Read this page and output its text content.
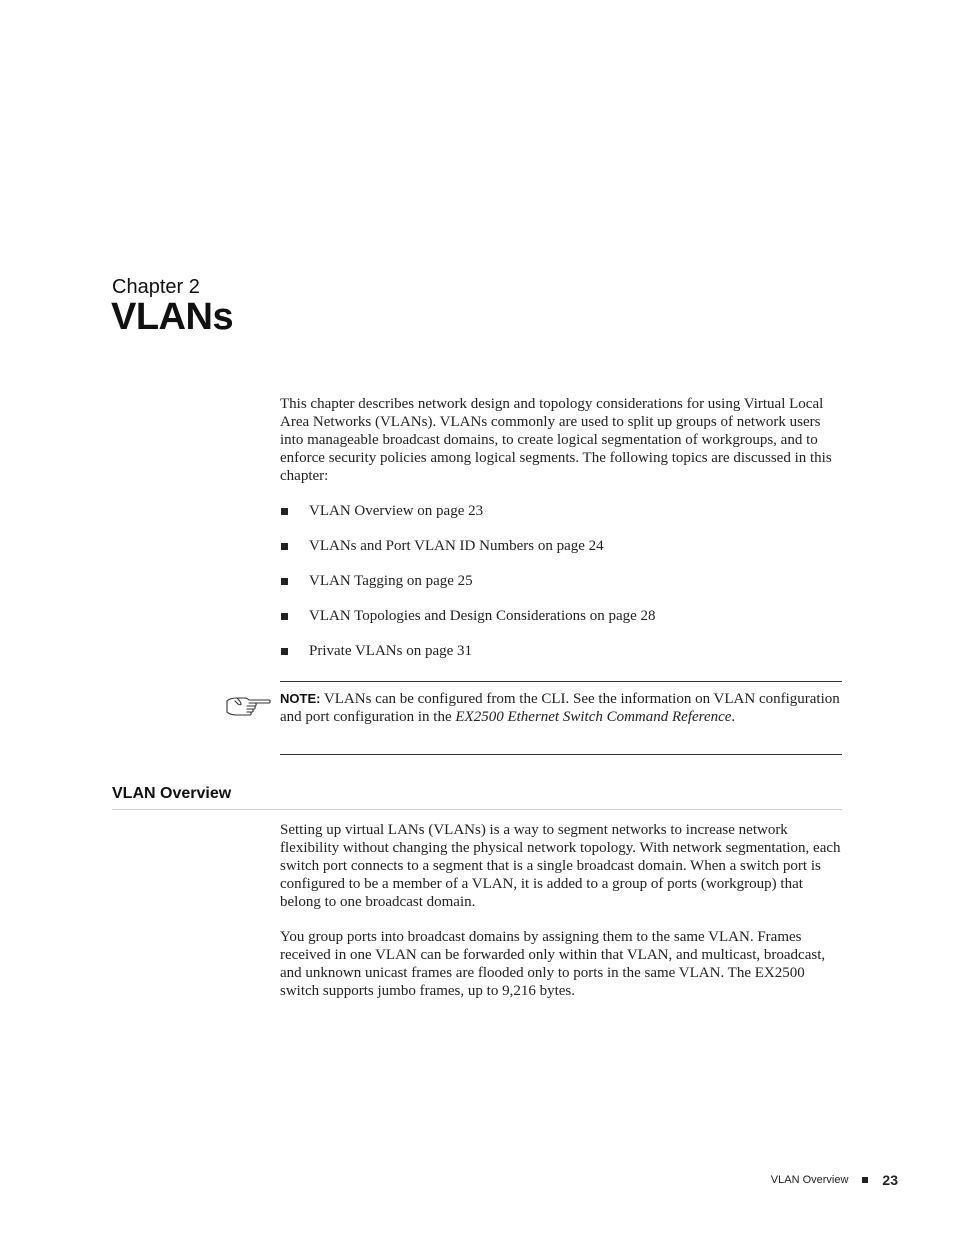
Chapter 2
VLANs
This chapter describes network design and topology considerations for using Virtual Local Area Networks (VLANs). VLANs commonly are used to split up groups of network users into manageable broadcast domains, to create logical segmentation of workgroups, and to enforce security policies among logical segments. The following topics are discussed in this chapter:
VLAN Overview on page 23
VLANs and Port VLAN ID Numbers on page 24
VLAN Tagging on page 25
VLAN Topologies and Design Considerations on page 28
Private VLANs on page 31
NOTE: VLANs can be configured from the CLI. See the information on VLAN configuration and port configuration in the EX2500 Ethernet Switch Command Reference.
VLAN Overview
Setting up virtual LANs (VLANs) is a way to segment networks to increase network flexibility without changing the physical network topology. With network segmentation, each switch port connects to a segment that is a single broadcast domain. When a switch port is configured to be a member of a VLAN, it is added to a group of ports (workgroup) that belong to one broadcast domain.
You group ports into broadcast domains by assigning them to the same VLAN. Frames received in one VLAN can be forwarded only within that VLAN, and multicast, broadcast, and unknown unicast frames are flooded only to ports in the same VLAN. The EX2500 switch supports jumbo frames, up to 9,216 bytes.
VLAN Overview 23
